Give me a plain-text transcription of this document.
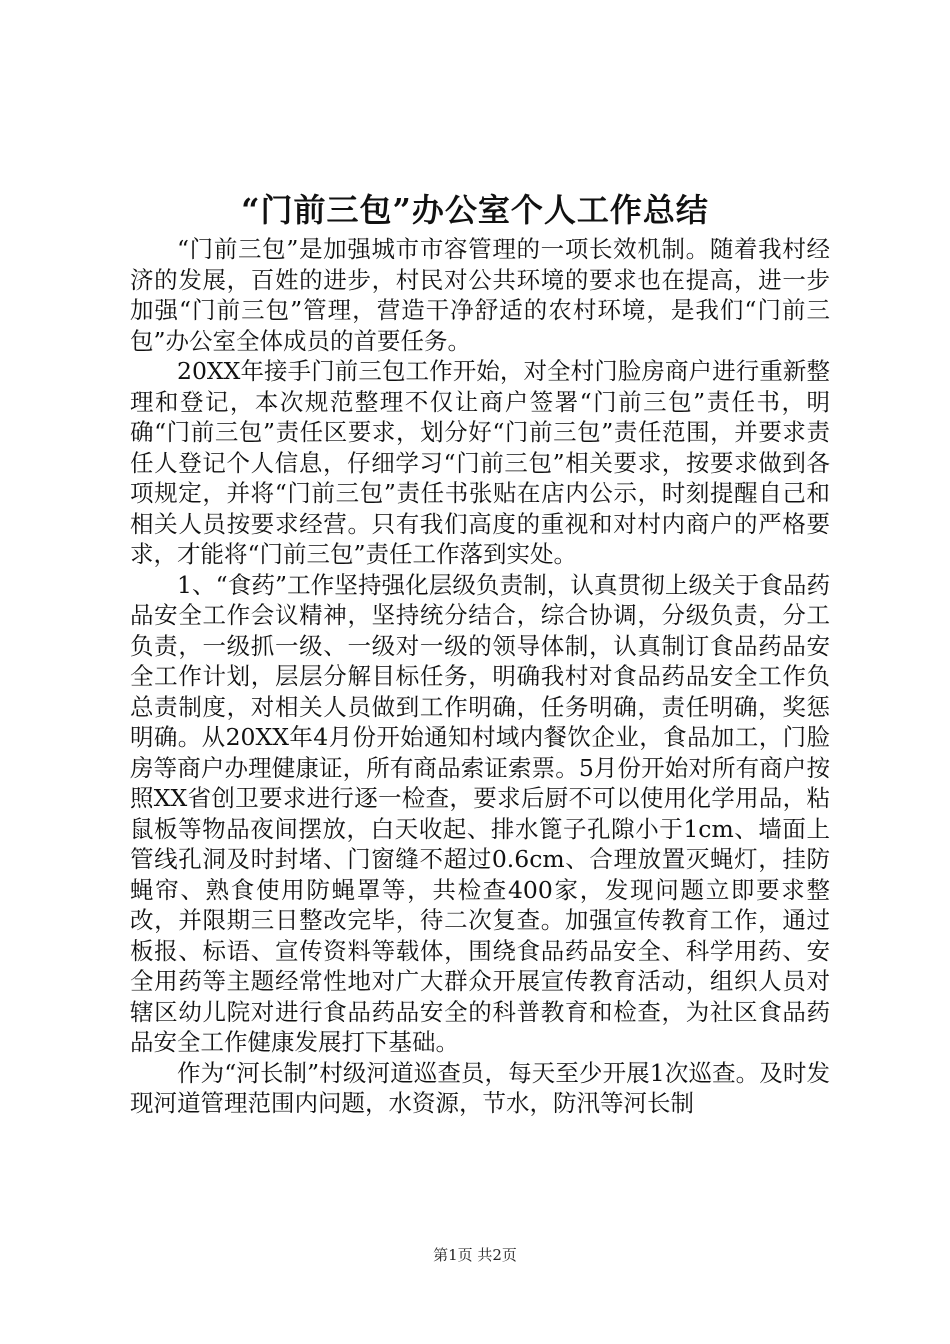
“门前三包”办公室个人工作总结

“门前三包”是加强城市市容管理的一项长效机制。随着我村经济的发展，百姓的进步，村民对公共环境的要求也在提高，进一步加强“门前三包”管理，营造干净舒适的农村环境，是我们“门前三包”办公室全体成员的首要任务。

20XX年接手门前三包工作开始，对全村门脸房商户进行重新整理和登记，本次规范整理不仅让商户签署“门前三包”责任书，明确“门前三包”责任区要求，划分好“门前三包”责任范围，并要求责任人登记个人信息，仔细学习“门前三包”相关要求，按要求做到各项规定，并将“门前三包”责任书张贴在店内公示，时刻提醒自己和相关人员按要求经营。只有我们高度的重视和对村内商户的严格要求，才能将“门前三包”责任工作落到实处。

1、“食药”工作坚持强化层级负责制，认真贯彻上级关于食品药品安全工作会议精神，坚持统分结合，综合协调，分级负责，分工负责，一级抓一级、一级对一级的领导体制，认真制订食品药品安全工作计划，层层分解目标任务，明确我村对食品药品安全工作负总责制度，对相关人员做到工作明确，任务明确，责任明确，奖惩明确。从20XX年4月份开始通知村域内餐饮企业，食品加工，门脸房等商户办理健康证，所有商品索证索票。5月份开始对所有商户按照XX省创卫要求进行逐一检查，要求后厨不可以使用化学用品，粘鼠板等物品夜间摆放，白天收起、排水篦子孔隙小于1cm、墙面上管线孔洞及时封堵、门窗缝不超过0.6cm、合理放置灭蝇灯，挂防蝇帘、熟食使用防蝇罩等，共检查400家，发现问题立即要求整改，并限期三日整改完毕，待二次复查。加强宣传教育工作，通过板报、标语、宣传资料等载体，围绕食品药品安全、科学用药、安全用药等主题经常性地对广大群众开展宣传教育活动，组织人员对辖区幼儿院对进行食品药品安全的科普教育和检查，为社区食品药品安全工作健康发展打下基础。

作为“河长制”村级河道巡查员，每天至少开展1次巡查。及时发现河道管理范围内问题，水资源，节水，防汛等河长制

第1页 共2页
